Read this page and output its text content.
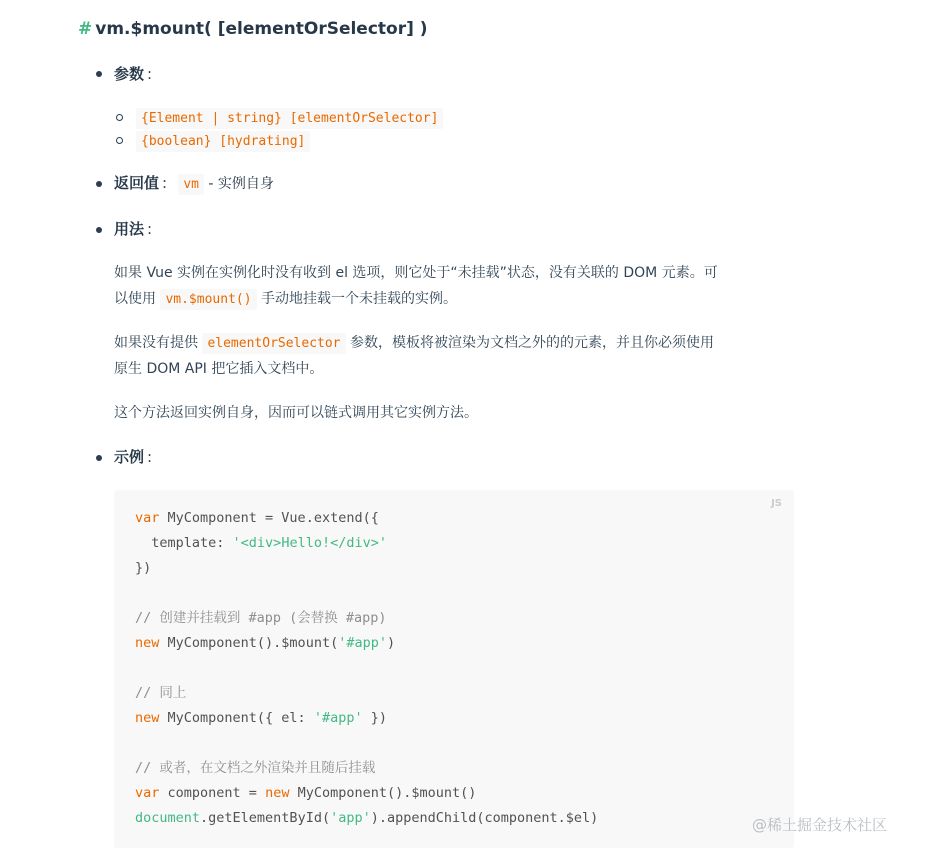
# vm.$mount( [elementOrSelector] )
参数 :
{Element | string} [elementOrSelector]
{boolean} [hydrating]
返回值 : vm - 实例自身
用法 :
如果 Vue 实例在实例化时没有收到 el 选项，则它处于“未挂载”状态，没有关联的 DOM 元素。可
以使用 vm.$mount() 手动地挂载一个未挂载的实例。
如果没有提供 elementOrSelector 参数，模板将被渲染为文档之外的的元素，并且你必须使用
原生 DOM API 把它插入文档中。
这个方法返回实例自身，因而可以链式调用其它实例方法。
示例 :
JS
var MyComponent = Vue.extend({
template: '<div>Hello!</div>'
})
// 创建并挂载到 #app (会替换 #app)
new MyComponent().$mount('#app')
// 同上
new MyComponent({ el: '#app' })
// 或者，在文档之外渲染并且随后挂载
var component = new MyComponent().$mount()
document.getElementById('app').appendChild(component.$el)	@稀土掘金技术社区
